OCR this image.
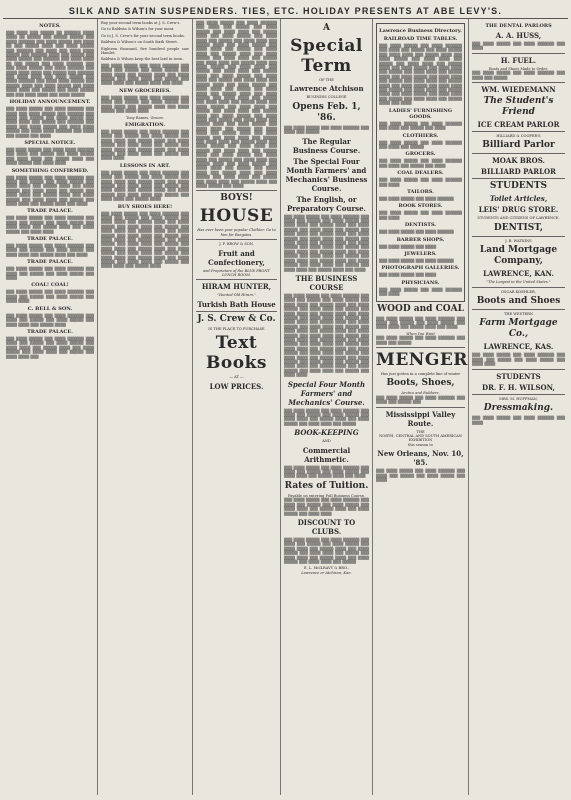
SILK AND SATIN SUSPENDERS. TIES, ETC. HOLIDAY PRESENTS AT ABE LEVY'S.
NOTES.
▒▒▒ ▒▒▒▒ ▒▒▒ ▒▒▒▒▒ ▒▒ ▒▒▒▒▒▒ ▒▒▒▒ ▒▒▒▒ ▒▒ ▒▒▒▒▒ ▒▒▒ ▒▒▒▒▒ ▒▒▒▒▒ ▒▒▒ ▒▒▒▒ ▒▒▒▒▒▒ ▒▒▒ ▒▒▒▒ ▒▒▒▒▒ ▒▒▒ ▒▒▒▒ ▒▒ ▒▒▒ ▒▒▒▒▒ ▒▒▒▒ ▒▒▒ ▒▒▒▒ ▒▒▒▒▒ ▒▒▒ ▒▒▒▒▒▒ ▒▒▒ ▒▒▒▒ ▒▒▒ ▒▒▒▒ ▒▒▒▒ ▒▒▒▒▒ ▒▒▒ ▒▒▒▒▒▒ ▒▒▒▒ ▒▒▒ ▒▒▒▒▒ ▒▒▒ ▒▒▒▒ ▒▒▒▒▒ ▒▒▒ ▒▒▒▒▒▒ ▒▒▒ ▒▒▒▒ ▒▒▒▒ ▒▒ ▒▒▒ ▒▒▒▒▒ ▒▒▒ ▒▒▒▒ ▒▒▒▒▒▒ ▒▒▒ ▒▒▒ ▒▒▒▒ ▒▒▒▒▒ ▒▒▒ ▒▒▒▒ ▒▒▒▒▒▒ ▒▒▒ ▒▒▒▒ ▒▒▒▒ ▒▒▒▒ ▒▒▒ ▒▒▒▒▒ ▒▒▒ ▒▒▒▒▒▒ ▒▒▒ ▒▒▒▒ ▒▒▒▒ ▒▒▒ ▒▒▒▒ ▒▒▒▒▒ ▒▒▒ ▒▒▒▒ ▒▒▒▒▒▒ ▒▒▒ ▒▒▒▒ ▒▒▒▒ ▒▒▒▒▒ ▒▒▒ ▒▒▒▒▒ ▒▒▒▒ ▒▒▒ ▒▒▒▒ ▒▒▒▒▒ ▒▒▒ ▒▒▒▒ ▒▒▒▒ ▒▒▒▒ ▒▒▒ ▒▒▒▒▒ ▒▒▒ ▒▒▒▒ ▒▒▒▒▒ ▒▒▒ ▒▒▒ ▒▒▒▒ ▒▒▒▒ ▒▒▒ ▒▒▒▒ ▒▒▒▒▒
HOLIDAY ANNOUNCEMENT.
▒▒▒ ▒▒▒▒ ▒▒▒▒▒ ▒▒▒ ▒▒▒▒ ▒▒▒▒▒▒ ▒▒▒ ▒▒▒▒ ▒▒▒ ▒▒▒▒ ▒▒▒▒▒ ▒▒▒ ▒▒▒▒▒▒ ▒▒▒ ▒▒▒▒ ▒▒▒ ▒▒▒▒▒ ▒▒▒ ▒▒▒▒ ▒▒▒▒▒ ▒▒▒ ▒▒▒▒ ▒▒▒▒ ▒▒▒ ▒▒▒▒▒ ▒▒▒ ▒▒▒▒▒▒ ▒▒▒ ▒▒▒▒ ▒▒▒ ▒▒▒▒ ▒▒▒▒▒ ▒▒▒ ▒▒▒▒ ▒▒▒▒ ▒▒▒▒▒ ▒▒▒ ▒▒▒▒ ▒▒▒▒ ▒▒▒▒▒▒ ▒▒▒ ▒▒▒▒ ▒▒▒ ▒▒▒▒▒ ▒▒▒ ▒▒▒▒
SPECIAL NOTICE.
▒▒▒ ▒▒▒▒ ▒▒▒▒▒ ▒▒▒ ▒▒▒▒ ▒▒▒▒ ▒▒▒▒▒▒ ▒▒▒ ▒▒▒▒ ▒▒▒ ▒▒▒▒▒ ▒▒▒ ▒▒▒▒ ▒▒▒▒▒ ▒▒▒ ▒▒▒▒ ▒▒▒▒ ▒▒▒ ▒▒▒▒▒ ▒▒▒▒ ▒▒▒ ▒▒▒▒ ▒▒▒▒▒ ▒▒▒ ▒▒▒▒ ▒▒▒▒
SOMETHING CONFIRMED.
▒▒▒ ▒▒▒▒ ▒▒▒▒▒ ▒▒▒ ▒▒▒▒ ▒▒▒▒▒▒ ▒▒▒ ▒▒▒▒ ▒▒▒ ▒▒▒▒▒ ▒▒▒ ▒▒▒▒ ▒▒▒▒▒ ▒▒▒ ▒▒▒▒ ▒▒▒▒ ▒▒▒ ▒▒▒▒▒ ▒▒▒▒ ▒▒▒ ▒▒▒▒ ▒▒▒▒▒ ▒▒▒ ▒▒▒▒ ▒▒▒▒ ▒▒▒ ▒▒▒▒▒ ▒▒▒ ▒▒▒▒ ▒▒▒▒ ▒▒▒ ▒▒▒▒▒ ▒▒▒▒ ▒▒▒ ▒▒▒▒ ▒▒▒▒▒ ▒▒▒ ▒▒▒▒ ▒▒▒▒ ▒▒▒ ▒▒▒▒▒ ▒▒▒ ▒▒▒▒ ▒▒▒▒ ▒▒▒ ▒▒▒▒▒ ▒▒▒▒ ▒▒▒ ▒▒▒▒
TRADE PALACE.
▒▒▒ ▒▒▒▒ ▒▒▒▒▒ ▒▒▒ ▒▒▒▒ ▒▒▒▒▒▒ ▒▒▒ ▒▒▒▒ ▒▒▒ ▒▒▒▒▒ ▒▒▒ ▒▒▒▒ ▒▒▒▒▒ ▒▒▒ ▒▒▒▒ ▒▒▒▒ ▒▒▒ ▒▒▒▒▒ ▒▒▒▒ ▒▒▒ ▒▒▒▒ ▒▒▒▒▒ ▒▒▒ ▒▒▒▒ ▒▒▒▒
TRADE PALACE.
▒▒▒ ▒▒▒▒ ▒▒▒▒▒ ▒▒▒ ▒▒▒▒ ▒▒▒▒▒▒ ▒▒▒ ▒▒▒▒ ▒▒▒ ▒▒▒▒▒ ▒▒▒ ▒▒▒▒ ▒▒▒▒▒ ▒▒▒ ▒▒▒▒ ▒▒▒▒ ▒▒▒ ▒▒▒▒▒ ▒▒▒▒ ▒▒▒ ▒▒▒▒
TRADE PALACE.
▒▒▒ ▒▒▒▒ ▒▒▒▒▒ ▒▒▒ ▒▒▒▒ ▒▒▒▒▒▒ ▒▒▒ ▒▒▒▒ ▒▒▒ ▒▒▒▒▒ ▒▒▒ ▒▒▒▒ ▒▒▒▒▒ ▒▒▒ ▒▒▒▒
COAL! COAL!
▒▒▒ ▒▒▒▒ ▒▒▒▒▒ ▒▒▒ ▒▒▒▒ ▒▒▒▒▒▒ ▒▒▒ ▒▒▒▒ ▒▒▒ ▒▒▒▒▒ ▒▒▒ ▒▒▒▒ ▒▒▒▒▒ ▒▒▒ ▒▒▒▒ ▒▒▒▒
C. BELL & SON.
▒▒▒ ▒▒▒▒ ▒▒▒▒▒ ▒▒▒ ▒▒▒▒ ▒▒▒▒▒▒ ▒▒▒ ▒▒▒▒ ▒▒▒ ▒▒▒▒▒ ▒▒▒ ▒▒▒▒ ▒▒▒▒▒ ▒▒▒ ▒▒▒▒ ▒▒▒▒ ▒▒▒ ▒▒▒▒▒ ▒▒▒▒
TRADE PALACE.
▒▒▒ ▒▒▒▒ ▒▒▒▒▒ ▒▒▒ ▒▒▒▒ ▒▒▒▒▒▒ ▒▒▒ ▒▒▒▒ ▒▒▒ ▒▒▒▒▒ ▒▒▒ ▒▒▒▒ ▒▒▒▒▒ ▒▒▒ ▒▒▒▒ ▒▒▒▒ ▒▒▒ ▒▒▒▒▒ ▒▒▒▒ ▒▒▒ ▒▒▒▒ ▒▒▒▒▒ ▒▒▒ ▒▒▒▒ ▒▒▒▒ ▒▒▒ ▒▒▒▒▒ ▒▒▒ ▒▒▒▒ ▒▒▒▒ ▒▒▒
Buy your second term books at J. S. Crew's.
Go to Baldwin & Wilson's for your meat.
Go to J. S. Crew's for your second term books.
Baldwin & Wilson's on South Sixth Street.
Eighteen thousand, five hundred people saw Hamlet.
Baldwin & Wilson keep the best lard in town.
▒▒▒ ▒▒▒▒ ▒▒▒▒▒ ▒▒▒ ▒▒▒▒ ▒▒▒▒▒▒ ▒▒▒ ▒▒▒▒ ▒▒▒ ▒▒▒▒▒ ▒▒▒ ▒▒▒▒ ▒▒▒▒▒ ▒▒▒ ▒▒▒▒ ▒▒▒▒ ▒▒▒ ▒▒▒▒▒ ▒▒▒▒ ▒▒▒ ▒▒▒▒ ▒▒▒▒▒ ▒▒▒ ▒▒▒▒ ▒▒▒▒ ▒▒▒ ▒▒▒▒▒ ▒▒▒ ▒▒▒▒ ▒▒▒▒ ▒▒▒ ▒▒▒▒▒ ▒▒▒▒ ▒▒▒ ▒▒▒▒
NEW GROCERIES.
▒▒▒ ▒▒▒▒ ▒▒▒▒▒ ▒▒▒ ▒▒▒▒ ▒▒▒▒▒▒ ▒▒▒ ▒▒▒▒ ▒▒▒ ▒▒▒▒▒ ▒▒▒ ▒▒▒▒ ▒▒▒▒▒ ▒▒▒ ▒▒▒▒ ▒▒▒▒ ▒▒▒ ▒▒▒▒▒ ▒▒▒▒ ▒▒▒ ▒▒▒▒ ▒▒▒▒▒ ▒▒▒ ▒▒▒▒ ▒▒▒▒
Tony Rames, Grocer.
EMIGRATION.
▒▒▒ ▒▒▒▒ ▒▒▒▒▒ ▒▒▒ ▒▒▒▒ ▒▒▒▒▒▒ ▒▒▒ ▒▒▒▒ ▒▒▒ ▒▒▒▒▒ ▒▒▒ ▒▒▒▒ ▒▒▒▒▒ ▒▒▒ ▒▒▒▒ ▒▒▒▒ ▒▒▒ ▒▒▒▒▒ ▒▒▒▒ ▒▒▒ ▒▒▒▒ ▒▒▒▒▒ ▒▒▒ ▒▒▒▒ ▒▒▒▒ ▒▒▒ ▒▒▒▒▒ ▒▒▒ ▒▒▒▒ ▒▒▒▒ ▒▒▒ ▒▒▒▒▒ ▒▒▒▒ ▒▒▒ ▒▒▒▒ ▒▒▒▒▒ ▒▒▒ ▒▒▒▒ ▒▒▒▒ ▒▒▒ ▒▒▒▒▒ ▒▒▒ ▒▒▒▒ ▒▒▒▒
LESSONS IN ART.
▒▒▒ ▒▒▒▒ ▒▒▒▒▒ ▒▒▒ ▒▒▒▒ ▒▒▒▒▒▒ ▒▒▒ ▒▒▒▒ ▒▒▒ ▒▒▒▒▒ ▒▒▒ ▒▒▒▒ ▒▒▒▒▒ ▒▒▒ ▒▒▒▒ ▒▒▒▒ ▒▒▒ ▒▒▒▒▒ ▒▒▒▒ ▒▒▒ ▒▒▒▒ ▒▒▒▒▒ ▒▒▒ ▒▒▒▒ ▒▒▒▒ ▒▒▒ ▒▒▒▒▒ ▒▒▒ ▒▒▒▒ ▒▒▒▒ ▒▒▒ ▒▒▒▒▒ ▒▒▒▒ ▒▒▒ ▒▒▒▒ ▒▒▒▒▒ ▒▒▒ ▒▒▒▒ ▒▒▒▒ ▒▒▒ ▒▒▒▒▒ ▒▒▒ ▒▒▒▒ ▒▒▒▒ ▒▒▒ ▒▒▒▒▒ ▒▒▒▒
BUY SHOES HERE!
▒▒▒ ▒▒▒▒ ▒▒▒▒▒ ▒▒▒ ▒▒▒▒ ▒▒▒▒▒▒ ▒▒▒ ▒▒▒▒ ▒▒▒ ▒▒▒▒▒ ▒▒▒ ▒▒▒▒ ▒▒▒▒▒ ▒▒▒ ▒▒▒▒ ▒▒▒▒ ▒▒▒ ▒▒▒▒▒ ▒▒▒▒ ▒▒▒ ▒▒▒▒ ▒▒▒▒▒ ▒▒▒ ▒▒▒▒ ▒▒▒▒ ▒▒▒ ▒▒▒▒▒ ▒▒▒ ▒▒▒▒ ▒▒▒▒ ▒▒▒ ▒▒▒▒▒ ▒▒▒▒ ▒▒▒ ▒▒▒▒ ▒▒▒▒▒ ▒▒▒ ▒▒▒▒ ▒▒▒▒ ▒▒▒ ▒▒▒▒▒ ▒▒▒ ▒▒▒▒ ▒▒▒▒ ▒▒▒ ▒▒▒▒▒ ▒▒▒▒ ▒▒▒ ▒▒▒▒ ▒▒▒▒▒ ▒▒▒ ▒▒▒▒ ▒▒▒▒ ▒▒▒ ▒▒▒▒▒ ▒▒▒ ▒▒▒▒ ▒▒▒▒ ▒▒▒ ▒▒▒▒▒ ▒▒▒▒ ▒▒▒ ▒▒▒▒ ▒▒▒▒▒ ▒▒▒ ▒▒▒▒ ▒▒▒▒ ▒▒▒ ▒▒▒▒▒ ▒▒▒ ▒▒▒▒ ▒▒▒▒ ▒▒▒ ▒▒▒▒▒ ▒▒▒▒ ▒▒▒ ▒▒▒▒ ▒▒▒▒▒ ▒▒▒ ▒▒▒▒ ▒▒▒▒ ▒▒▒ ▒▒▒▒▒ ▒▒▒ ▒▒▒▒ ▒▒▒▒ ▒▒▒ ▒▒▒▒▒ ▒▒▒▒
▒▒▒ ▒▒▒▒ ▒▒▒▒▒ ▒▒▒ ▒▒▒▒ ▒▒▒▒▒▒ ▒▒▒ ▒▒▒▒ ▒▒▒ ▒▒▒▒▒ ▒▒▒ ▒▒▒▒ ▒▒▒▒▒ ▒▒▒ ▒▒▒▒ ▒▒▒▒ ▒▒▒ ▒▒▒▒▒ ▒▒▒▒ ▒▒▒ ▒▒▒▒ ▒▒▒▒▒ ▒▒▒ ▒▒▒▒ ▒▒▒▒ ▒▒▒ ▒▒▒▒▒ ▒▒▒ ▒▒▒▒ ▒▒▒▒ ▒▒▒ ▒▒▒▒▒ ▒▒▒▒ ▒▒▒ ▒▒▒▒ ▒▒▒▒▒ ▒▒▒ ▒▒▒▒ ▒▒▒▒ ▒▒▒ ▒▒▒▒▒ ▒▒▒ ▒▒▒▒ ▒▒▒▒ ▒▒▒ ▒▒▒▒▒ ▒▒▒▒ ▒▒▒ ▒▒▒▒ ▒▒▒▒▒ ▒▒▒ ▒▒▒▒ ▒▒▒▒ ▒▒▒ ▒▒▒▒▒ ▒▒▒ ▒▒▒▒ ▒▒▒▒ ▒▒▒ ▒▒▒▒▒ ▒▒▒▒ ▒▒▒ ▒▒▒▒ ▒▒▒▒▒ ▒▒▒ ▒▒▒▒ ▒▒▒▒ ▒▒▒ ▒▒▒▒▒ ▒▒▒ ▒▒▒▒ ▒▒▒▒ ▒▒▒ ▒▒▒▒▒ ▒▒▒▒ ▒▒▒ ▒▒▒▒ ▒▒▒▒▒ ▒▒▒ ▒▒▒▒ ▒▒▒▒ ▒▒▒ ▒▒▒▒▒ ▒▒▒ ▒▒▒▒ ▒▒▒▒ ▒▒▒ ▒▒▒▒▒ ▒▒▒▒ ▒▒▒ ▒▒▒▒ ▒▒▒▒▒ ▒▒▒ ▒▒▒▒ ▒▒▒▒ ▒▒▒ ▒▒▒▒▒ ▒▒▒ ▒▒▒▒ ▒▒▒▒ ▒▒▒ ▒▒▒▒▒ ▒▒▒▒ ▒▒▒ ▒▒▒▒ ▒▒▒▒▒ ▒▒▒ ▒▒▒▒ ▒▒▒▒ ▒▒▒ ▒▒▒▒▒ ▒▒▒ ▒▒▒▒ ▒▒▒▒ ▒▒▒ ▒▒▒▒▒ ▒▒▒▒ ▒▒▒ ▒▒▒▒ ▒▒▒▒▒ ▒▒▒ ▒▒▒▒ ▒▒▒▒ ▒▒▒ ▒▒▒▒▒ ▒▒▒ ▒▒▒▒ ▒▒▒▒ ▒▒▒ ▒▒▒▒▒ ▒▒▒▒ ▒▒▒ ▒▒▒▒ ▒▒▒▒▒ ▒▒▒ ▒▒▒▒ ▒▒▒▒ ▒▒▒ ▒▒▒▒▒ ▒▒▒ ▒▒▒▒ ▒▒▒▒ ▒▒▒ ▒▒▒▒▒ ▒▒▒▒ ▒▒▒ ▒▒▒▒ ▒▒▒▒▒ ▒▒▒ ▒▒▒▒ ▒▒▒▒ ▒▒▒ ▒▒▒▒▒ ▒▒▒ ▒▒▒▒ ▒▒▒▒ ▒▒▒ ▒▒▒▒▒ ▒▒▒▒ ▒▒▒ ▒▒▒▒ ▒▒▒▒▒ ▒▒▒ ▒▒▒▒ ▒▒▒▒ ▒▒▒ ▒▒▒▒▒ ▒▒▒ ▒▒▒▒ ▒▒▒▒ ▒▒▒ ▒▒▒▒▒ ▒▒▒▒ ▒▒▒ ▒▒▒▒ ▒▒▒▒▒ ▒▒▒ ▒▒▒▒ ▒▒▒▒ ▒▒▒ ▒▒▒▒▒ ▒▒▒ ▒▒▒▒ ▒▒▒▒ ▒▒▒ ▒▒▒▒▒ ▒▒▒▒ ▒▒▒ ▒▒▒▒ ▒▒▒▒▒ ▒▒▒ ▒▒▒▒ ▒▒▒▒ ▒▒▒ ▒▒▒▒▒ ▒▒▒ ▒▒▒▒ ▒▒▒▒ ▒▒▒ ▒▒▒▒▒ ▒▒▒▒ ▒▒▒ ▒▒▒▒ ▒▒▒▒▒ ▒▒▒ ▒▒▒▒ ▒▒▒▒ ▒▒▒ ▒▒▒▒▒ ▒▒▒ ▒▒▒▒ ▒▒▒▒ ▒▒▒ ▒▒▒▒▒ ▒▒▒▒ ▒▒▒ ▒▒▒▒ ▒▒▒▒▒ ▒▒▒ ▒▒▒▒ ▒▒▒▒ ▒▒▒ ▒▒▒▒▒ ▒▒▒ ▒▒▒▒ ▒▒▒▒ ▒▒▒ ▒▒▒▒▒ ▒▒▒▒ ▒▒▒ ▒▒▒▒ ▒▒▒▒▒ ▒▒▒ ▒▒▒▒
BOYS!
HOUSE
Has ever been your popular Clothier. Go to him for Bargains.
J. F. BROW & SON,
Fruit and Confectionery,
and Proprietors of the BLUE FRONT LUNCH ROOM.
HIRAM HUNTER,
"Hunted Old Hiram."
Turkish Bath House
J. S. Crew & Co.
IS THE PLACE TO PURCHASE
Text Books
— AT —
LOW PRICES.
A
Special Term
OF THE
Lawrence Atchison
BUSINESS COLLEGE
Opens Feb. 1, '86.
▒▒▒ ▒▒▒▒ ▒▒▒▒▒ ▒▒▒ ▒▒▒▒ ▒▒▒▒▒▒ ▒▒▒ ▒▒▒▒ ▒▒▒ ▒▒▒▒▒
The Regular Business Course.
The Special Four Month Farmers' and Mechanics' Business Course.
The English, or Preparatory Course.
▒▒▒ ▒▒▒▒ ▒▒▒▒▒ ▒▒▒ ▒▒▒▒ ▒▒▒▒▒▒ ▒▒▒ ▒▒▒▒ ▒▒▒ ▒▒▒▒▒ ▒▒▒ ▒▒▒▒ ▒▒▒▒▒ ▒▒▒ ▒▒▒▒ ▒▒▒▒ ▒▒▒ ▒▒▒▒▒ ▒▒▒▒ ▒▒▒ ▒▒▒▒ ▒▒▒▒▒ ▒▒▒ ▒▒▒▒ ▒▒▒▒ ▒▒▒ ▒▒▒▒▒ ▒▒▒ ▒▒▒▒ ▒▒▒▒ ▒▒▒ ▒▒▒▒▒ ▒▒▒▒ ▒▒▒ ▒▒▒▒ ▒▒▒▒▒ ▒▒▒ ▒▒▒▒ ▒▒▒▒ ▒▒▒ ▒▒▒▒▒ ▒▒▒ ▒▒▒▒ ▒▒▒▒ ▒▒▒ ▒▒▒▒▒ ▒▒▒▒ ▒▒▒ ▒▒▒▒ ▒▒▒▒▒ ▒▒▒ ▒▒▒▒ ▒▒▒▒ ▒▒▒ ▒▒▒▒▒ ▒▒▒ ▒▒▒▒ ▒▒▒▒ ▒▒▒ ▒▒▒▒▒ ▒▒▒▒ ▒▒▒ ▒▒▒▒ ▒▒▒▒▒ ▒▒▒ ▒▒▒▒ ▒▒▒▒ ▒▒▒ ▒▒▒▒▒ ▒▒▒ ▒▒▒▒ ▒▒▒▒ ▒▒▒ ▒▒▒▒▒ ▒▒▒▒ ▒▒▒ ▒▒▒▒ ▒▒▒▒▒ ▒▒▒ ▒▒▒▒ ▒▒▒▒ ▒▒▒ ▒▒▒▒▒ ▒▒▒ ▒▒▒▒ ▒▒▒▒ ▒▒▒ ▒▒▒▒▒ ▒▒▒▒ ▒▒▒ ▒▒▒▒
THE BUSINESS COURSE
▒▒▒ ▒▒▒▒ ▒▒▒▒▒ ▒▒▒ ▒▒▒▒ ▒▒▒▒▒▒ ▒▒▒ ▒▒▒▒ ▒▒▒ ▒▒▒▒▒ ▒▒▒ ▒▒▒▒ ▒▒▒▒▒ ▒▒▒ ▒▒▒▒ ▒▒▒▒ ▒▒▒ ▒▒▒▒▒ ▒▒▒▒ ▒▒▒ ▒▒▒▒ ▒▒▒▒▒ ▒▒▒ ▒▒▒▒ ▒▒▒▒ ▒▒▒ ▒▒▒▒▒ ▒▒▒ ▒▒▒▒ ▒▒▒▒ ▒▒▒ ▒▒▒▒▒ ▒▒▒▒ ▒▒▒ ▒▒▒▒ ▒▒▒▒▒ ▒▒▒ ▒▒▒▒ ▒▒▒▒ ▒▒▒ ▒▒▒▒▒ ▒▒▒ ▒▒▒▒ ▒▒▒▒ ▒▒▒ ▒▒▒▒▒ ▒▒▒▒ ▒▒▒ ▒▒▒▒ ▒▒▒▒▒ ▒▒▒ ▒▒▒▒ ▒▒▒▒ ▒▒▒ ▒▒▒▒▒ ▒▒▒ ▒▒▒▒ ▒▒▒▒ ▒▒▒ ▒▒▒▒▒ ▒▒▒▒ ▒▒▒ ▒▒▒▒ ▒▒▒▒▒ ▒▒▒ ▒▒▒▒ ▒▒▒▒ ▒▒▒ ▒▒▒▒▒ ▒▒▒ ▒▒▒▒ ▒▒▒▒ ▒▒▒ ▒▒▒▒▒ ▒▒▒▒ ▒▒▒ ▒▒▒▒ ▒▒▒▒▒ ▒▒▒ ▒▒▒▒ ▒▒▒▒ ▒▒▒ ▒▒▒▒▒ ▒▒▒ ▒▒▒▒ ▒▒▒▒ ▒▒▒ ▒▒▒▒▒ ▒▒▒▒ ▒▒▒ ▒▒▒▒ ▒▒▒▒▒ ▒▒▒ ▒▒▒▒ ▒▒▒▒ ▒▒▒ ▒▒▒▒▒ ▒▒▒ ▒▒▒▒ ▒▒▒▒ ▒▒▒ ▒▒▒▒▒ ▒▒▒▒ ▒▒▒ ▒▒▒▒ ▒▒▒▒▒ ▒▒▒ ▒▒▒▒ ▒▒▒▒ ▒▒▒ ▒▒▒▒▒ ▒▒▒ ▒▒▒▒ ▒▒▒▒ ▒▒▒ ▒▒▒▒▒ ▒▒▒▒ ▒▒▒ ▒▒▒▒ ▒▒▒▒▒ ▒▒▒ ▒▒▒▒ ▒▒▒▒ ▒▒▒ ▒▒▒▒▒ ▒▒▒ ▒▒▒▒ ▒▒▒▒
Special Four Month Farmers' and Mechanics' Course.
▒▒▒ ▒▒▒▒ ▒▒▒▒▒ ▒▒▒ ▒▒▒▒ ▒▒▒▒▒▒ ▒▒▒ ▒▒▒▒ ▒▒▒ ▒▒▒▒▒ ▒▒▒ ▒▒▒▒ ▒▒▒▒▒ ▒▒▒ ▒▒▒▒ ▒▒▒▒ ▒▒▒ ▒▒▒▒▒ ▒▒▒▒ ▒▒▒ ▒▒▒▒ ▒▒▒▒▒ ▒▒▒ ▒▒▒▒ ▒▒▒▒ ▒▒▒ ▒▒▒▒▒
BOOK-KEEPING
AND
Commercial Arithmetic.
▒▒▒ ▒▒▒▒ ▒▒▒▒▒ ▒▒▒ ▒▒▒▒ ▒▒▒▒▒▒ ▒▒▒ ▒▒▒▒ ▒▒▒ ▒▒▒▒▒ ▒▒▒ ▒▒▒▒ ▒▒▒▒▒ ▒▒▒ ▒▒▒▒ ▒▒▒▒ ▒▒▒ ▒▒▒▒▒ ▒▒▒▒ ▒▒▒ ▒▒▒▒
Rates of Tuition.
Payable on entering Full Business Course.
▒▒▒ ▒▒▒▒ ▒▒▒▒▒ ▒▒▒ ▒▒▒▒ ▒▒▒▒▒▒ ▒▒▒ ▒▒▒▒ ▒▒▒ ▒▒▒▒▒ ▒▒▒ ▒▒▒▒ ▒▒▒▒▒ ▒▒▒ ▒▒▒▒ ▒▒▒▒ ▒▒▒ ▒▒▒▒▒ ▒▒▒▒ ▒▒▒ ▒▒▒▒ ▒▒▒▒▒ ▒▒▒ ▒▒▒▒ ▒▒▒▒
DISCOUNT TO CLUBS.
▒▒▒ ▒▒▒▒ ▒▒▒▒▒ ▒▒▒ ▒▒▒▒ ▒▒▒▒▒▒ ▒▒▒ ▒▒▒▒ ▒▒▒ ▒▒▒▒▒ ▒▒▒ ▒▒▒▒ ▒▒▒▒▒ ▒▒▒ ▒▒▒▒ ▒▒▒▒ ▒▒▒ ▒▒▒▒▒ ▒▒▒▒ ▒▒▒ ▒▒▒▒ ▒▒▒▒▒ ▒▒▒ ▒▒▒▒ ▒▒▒▒ ▒▒▒ ▒▒▒▒▒ ▒▒▒ ▒▒▒▒ ▒▒▒▒ ▒▒▒ ▒▒▒▒▒ ▒▒▒▒ ▒▒▒ ▒▒▒▒ ▒▒▒▒▒ ▒▒▒ ▒▒▒▒ ▒▒▒▒ ▒▒▒ ▒▒▒▒▒
E. L. McILRAVY & BRO.,
Lawrence or Atchison, Kan.
Lawrence Business Directory.
RAILROAD TIME TABLES.
▒▒▒ ▒▒▒▒ ▒▒▒▒▒ ▒▒▒ ▒▒▒▒ ▒▒▒▒▒▒ ▒▒▒ ▒▒▒▒ ▒▒▒ ▒▒▒▒▒ ▒▒▒ ▒▒▒▒ ▒▒▒▒▒ ▒▒▒ ▒▒▒▒ ▒▒▒▒ ▒▒▒ ▒▒▒▒▒ ▒▒▒▒ ▒▒▒ ▒▒▒▒ ▒▒▒▒▒ ▒▒▒ ▒▒▒▒ ▒▒▒▒ ▒▒▒ ▒▒▒▒▒ ▒▒▒ ▒▒▒▒ ▒▒▒▒ ▒▒▒ ▒▒▒▒▒ ▒▒▒▒ ▒▒▒ ▒▒▒▒ ▒▒▒▒▒ ▒▒▒ ▒▒▒▒ ▒▒▒▒ ▒▒▒ ▒▒▒▒▒ ▒▒▒ ▒▒▒▒ ▒▒▒▒ ▒▒▒ ▒▒▒▒▒ ▒▒▒▒ ▒▒▒ ▒▒▒▒ ▒▒▒▒▒ ▒▒▒ ▒▒▒▒ ▒▒▒▒ ▒▒▒ ▒▒▒▒▒ ▒▒▒ ▒▒▒▒ ▒▒▒▒ ▒▒▒ ▒▒▒▒▒ ▒▒▒▒ ▒▒▒ ▒▒▒▒ ▒▒▒▒▒ ▒▒▒ ▒▒▒▒ ▒▒▒▒ ▒▒▒ ▒▒▒▒▒ ▒▒▒ ▒▒▒▒ ▒▒▒▒ ▒▒▒ ▒▒▒▒▒ ▒▒▒▒ ▒▒▒ ▒▒▒▒ ▒▒▒▒▒ ▒▒▒ ▒▒▒▒ ▒▒▒▒ ▒▒▒ ▒▒▒▒▒ ▒▒▒ ▒▒▒▒ ▒▒▒▒ ▒▒▒ ▒▒▒▒▒ ▒▒▒▒ ▒▒▒ ▒▒▒▒
LADIES' FURNISHING GOODS.
▒▒▒ ▒▒▒▒ ▒▒▒▒▒ ▒▒▒ ▒▒▒▒ ▒▒▒▒▒▒ ▒▒▒ ▒▒▒▒ ▒▒▒ ▒▒▒▒▒ ▒▒▒ ▒▒▒▒
CLOTHIERS.
▒▒▒ ▒▒▒▒ ▒▒▒▒▒ ▒▒▒ ▒▒▒▒ ▒▒▒▒▒▒ ▒▒▒ ▒▒▒▒ ▒▒▒ ▒▒▒▒▒
GROCERS.
▒▒▒ ▒▒▒▒ ▒▒▒▒▒ ▒▒▒ ▒▒▒▒ ▒▒▒▒▒▒ ▒▒▒ ▒▒▒▒ ▒▒▒ ▒▒▒▒▒ ▒▒▒ ▒▒▒▒
COAL DEALERS.
▒▒▒ ▒▒▒▒ ▒▒▒▒▒ ▒▒▒ ▒▒▒▒ ▒▒▒▒▒▒ ▒▒▒ ▒▒▒▒
TAILORS.
▒▒▒ ▒▒▒▒ ▒▒▒▒▒ ▒▒▒ ▒▒▒▒ ▒▒▒▒▒▒
BOOK STORES.
▒▒▒ ▒▒▒▒ ▒▒▒▒▒ ▒▒▒ ▒▒▒▒ ▒▒▒▒▒▒ ▒▒▒ ▒▒▒▒
DENTISTS.
▒▒▒ ▒▒▒▒ ▒▒▒▒▒ ▒▒▒ ▒▒▒▒ ▒▒▒▒▒▒
BARBER SHOPS.
▒▒▒ ▒▒▒▒ ▒▒▒▒▒ ▒▒▒ ▒▒▒▒
JEWELERS.
▒▒▒ ▒▒▒▒ ▒▒▒▒▒ ▒▒▒ ▒▒▒▒ ▒▒▒▒▒▒
PHOTOGRAPH GALLERIES.
▒▒▒ ▒▒▒▒ ▒▒▒▒▒ ▒▒▒ ▒▒▒▒
PHYSICIANS.
▒▒▒ ▒▒▒▒ ▒▒▒▒▒ ▒▒▒ ▒▒▒▒ ▒▒▒▒▒▒ ▒▒▒ ▒▒▒▒
WOOD and COAL
▒▒▒ ▒▒▒▒ ▒▒▒▒▒ ▒▒▒ ▒▒▒▒ ▒▒▒▒▒▒ ▒▒▒ ▒▒▒▒ ▒▒▒ ▒▒▒▒▒ ▒▒▒ ▒▒▒▒ ▒▒▒▒▒ ▒▒▒ ▒▒▒▒ ▒▒▒▒ ▒▒▒ ▒▒▒▒▒ ▒▒▒▒ ▒▒▒ ▒▒▒▒
When You Want
▒▒▒ ▒▒▒▒ ▒▒▒▒▒ ▒▒▒ ▒▒▒▒ ▒▒▒▒▒▒ ▒▒▒ ▒▒▒▒ ▒▒▒ ▒▒▒▒▒
MENGER
Has just gotten in a complete line of winter
Boots, Shoes,
Arctics and Rubbers.
▒▒▒ ▒▒▒▒ ▒▒▒▒▒ ▒▒▒ ▒▒▒▒ ▒▒▒▒▒▒ ▒▒▒ ▒▒▒▒ ▒▒▒ ▒▒▒▒▒ ▒▒▒
Mississippi Valley Route.
THE
NORTH, CENTRAL AND SOUTH AMERICAN EXHIBITION
this season to
New Orleans, Nov. 10, '85.
▒▒▒ ▒▒▒▒ ▒▒▒▒▒ ▒▒▒ ▒▒▒▒ ▒▒▒▒▒▒ ▒▒▒ ▒▒▒▒ ▒▒▒ ▒▒▒▒▒ ▒▒▒ ▒▒▒▒ ▒▒▒▒▒ ▒▒▒ ▒▒▒▒
THE DENTAL PARLORS
A. A. HUSS,
▒▒▒ ▒▒▒▒ ▒▒▒▒▒ ▒▒▒ ▒▒▒▒ ▒▒▒▒▒▒ ▒▒▒ ▒▒▒▒
H. FUEL.
Boots and Shoes Made to Order.
▒▒▒ ▒▒▒▒ ▒▒▒▒▒ ▒▒▒ ▒▒▒▒ ▒▒▒▒▒▒ ▒▒▒ ▒▒▒▒ ▒▒▒ ▒▒▒▒▒
WM. WIEDEMANN
The Student's Friend
ICE CREAM PARLOR
HILLIARD & COOPER'S
Billiard Parlor
MOAK BROS.
BILLIARD PARLOR
STUDENTS
Toilet Articles,
LEIS' DRUG STORE.
STUDENTS AND CITIZENS OF LAWRENCE.
DENTIST,
J. B. WATKINS
Land Mortgage Company,
LAWRENCE, KAN.
"The Largest in the United States."
OSCAR KOEHLER,
Boots and Shoes
THE WESTERN
Farm Mortgage Co.,
LAWRENCE, KAS.
▒▒▒ ▒▒▒▒ ▒▒▒▒▒ ▒▒▒ ▒▒▒▒ ▒▒▒▒▒▒ ▒▒▒ ▒▒▒▒ ▒▒▒ ▒▒▒▒▒ ▒▒▒ ▒▒▒▒ ▒▒▒▒▒ ▒▒▒ ▒▒▒▒ ▒▒▒▒
STUDENTS
DR. F. H. WILSON,
MRS. M. HUFFMAN,
Dressmaking.
▒▒▒ ▒▒▒▒ ▒▒▒▒▒ ▒▒▒ ▒▒▒▒ ▒▒▒▒▒▒ ▒▒▒ ▒▒▒▒
